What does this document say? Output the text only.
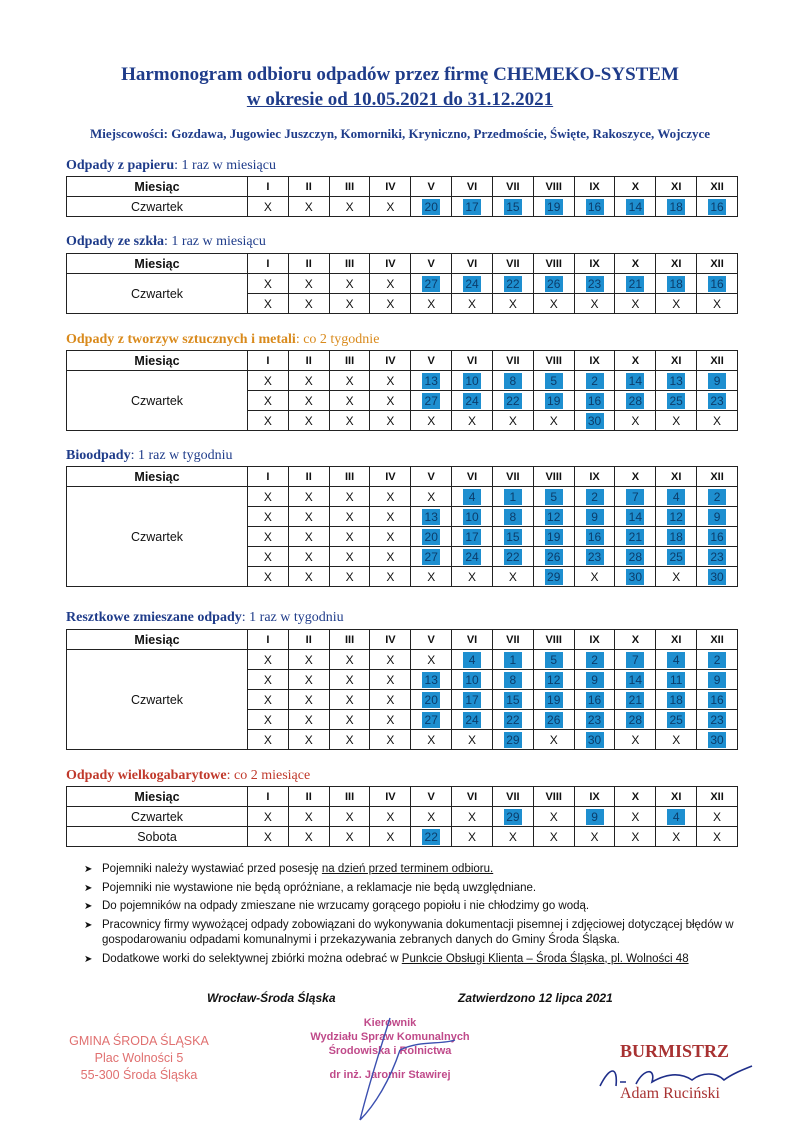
Harmonogram odbioru odpadów przez firmę CHEMEKO-SYSTEM
w okresie od 10.05.2021 do 31.12.2021
Miejscowości: Gozdawa, Jugowiec Juszczyn, Komorniki, Kryniczno, Przedmoście, Święte, Rakoszyce, Wojczyce
Odpady z papieru: 1 raz w miesiącu
Odpady ze szkła: 1 raz w miesiącu
Odpady z tworzyw sztucznych i metali: co 2 tygodnie
Bioodpady: 1 raz w tygodniu
Resztkowe zmieszane odpady: 1 raz w tygodniu
Odpady wielkogabarytowe: co 2 miesiące
Miesiąc	I	II	III	IV	V	VI	VII	VIII	IX	X	XI	XII
Czwartek	X	X	X	X	20	17	15	19	16	14	18	16
Miesiąc	I	II	III	IV	V	VI	VII	VIII	IX	X	XI	XII
Czwartek	X	X	X	X	27	24	22	26	23	21	18	16
	X	X	X	X	X	X	X	X	X	X	X	X
Miesiąc	I	II	III	IV	V	VI	VII	VIII	IX	X	XI	XII
Czwartek	X	X	X	X	13	10	8	5	2	14	13	9
	X	X	X	X	27	24	22	19	16	28	25	23
	X	X	X	X	X	X	X	X	30	X	X	X
Miesiąc	I	II	III	IV	V	VI	VII	VIII	IX	X	XI	XII
Czwartek	X	X	X	X	X	4	1	5	2	7	4	2
	X	X	X	X	13	10	8	12	9	14	12	9
	X	X	X	X	20	17	15	19	16	21	18	16
	X	X	X	X	27	24	22	26	23	28	25	23
	X	X	X	X	X	X	X	29	X	30	X	30
Miesiąc	I	II	III	IV	V	VI	VII	VIII	IX	X	XI	XII
Czwartek	X	X	X	X	X	4	1	5	2	7	4	2
	X	X	X	X	13	10	8	12	9	14	11	9
	X	X	X	X	20	17	15	19	16	21	18	16
	X	X	X	X	27	24	22	26	23	28	25	23
	X	X	X	X	X	X	29	X	30	X	X	30
Miesiąc	I	II	III	IV	V	VI	VII	VIII	IX	X	XI	XII
Czwartek	X	X	X	X	X	X	29	X	9	X	4	X
Sobota	X	X	X	X	22	X	X	X	X	X	X	X
➤ Pojemniki należy wystawiać przed posesję na dzień przed terminem odbioru.
➤ Pojemniki nie wystawione nie będą opróżniane, a reklamacje nie będą uwzględniane.
➤ Do pojemników na odpady zmieszane nie wrzucamy gorącego popiołu i nie chłodzimy go wodą.
➤ Pracownicy firmy wywożącej odpady zobowiązani do wykonywania dokumentacji pisemnej i zdjęciowej dotyczącej błędów w gospodarowaniu odpadami komunalnymi i przekazywania zebranych danych do Gminy Środa Śląska.
➤ Dodatkowe worki do selektywnej zbiórki można odebrać w Punkcie Obsługi Klienta – Środa Śląska, pl. Wolności 48
Wrocław-Środa Śląska	Zatwierdzono 12 lipca 2021
GMINA ŚRODA ŚLĄSKA
Plac Wolności 5
55-300 Środa Śląska
Kierownik
Wydziału Spraw Komunalnych
Środowiska i Rolnictwa
dr inż. Jaromir Stawirej
BURMISTRZ
Adam Ruciński
